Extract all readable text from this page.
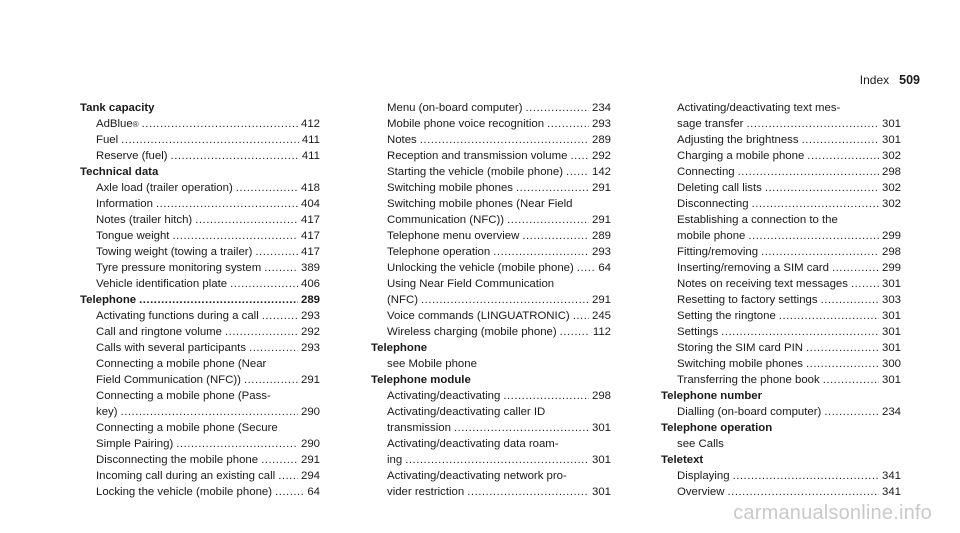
Index 509
Tank capacity
AdBlue ® .....	412
Fuel .....	411
Reserve (fuel) .....	411
Technical data
Axle load (trailer operation) .....	418
Information .....	404
Notes (trailer hitch) .....	417
Tongue weight .....	417
Towing weight (towing a trailer) .....	417
Tyre pressure monitoring system .....	389
Vehicle identification plate .....	406
Telephone .....	289
Activating functions during a call .....	293
Call and ringtone volume .....	292
Calls with several participants .....	293
Connecting a mobile phone (Near
Field Communication (NFC)) .....	291
Connecting a mobile phone (Pass-
key) .....	290
Connecting a mobile phone (Secure
Simple Pairing) .....	290
Disconnecting the mobile phone .....	291
Incoming call during an existing call ..... 294
Locking the vehicle (mobile phone) .....	64
Menu (on-board computer) .....	234
Mobile phone voice recognition .....	293
Notes .....	289
Reception and transmission volume ..... 292
Starting the vehicle (mobile phone) .....	142
Switching mobile phones .....	291
Switching mobile phones (Near Field
Communication (NFC)) .....	291
Telephone menu overview .....	289
Telephone operation .....	293
Unlocking the vehicle (mobile phone) ..... 64
Using Near Field Communication
(NFC) .....	291
Voice commands (LINGUATRONIC) ..... 245
Wireless charging (mobile phone) .....	112
Telephone
see Mobile phone
Telephone module
Activating/deactivating .....	298
Activating/deactivating caller ID
transmission .....	301
Activating/deactivating data roam-
ing .....	301
Activating/deactivating network pro-
vider restriction .....	301
Activating/deactivating text mes-
sage transfer .....	301
Adjusting the brightness .....	301
Charging a mobile phone .....	302
Connecting .....	298
Deleting call lists .....	302
Disconnecting .....	302
Establishing a connection to the
mobile phone .....	299
Fitting/removing .....	298
Inserting/removing a SIM card .....	299
Notes on receiving text messages .....	301
Resetting to factory settings .....	303
Setting the ringtone .....	301
Settings .....	301
Storing the SIM card PIN .....	301
Switching mobile phones .....	300
Transferring the phone book .....	301
Telephone number
Dialling (on-board computer) .....	234
Telephone operation
see Calls
Teletext
Displaying .....	341
Overview .....	341
carmanualsonline.info
